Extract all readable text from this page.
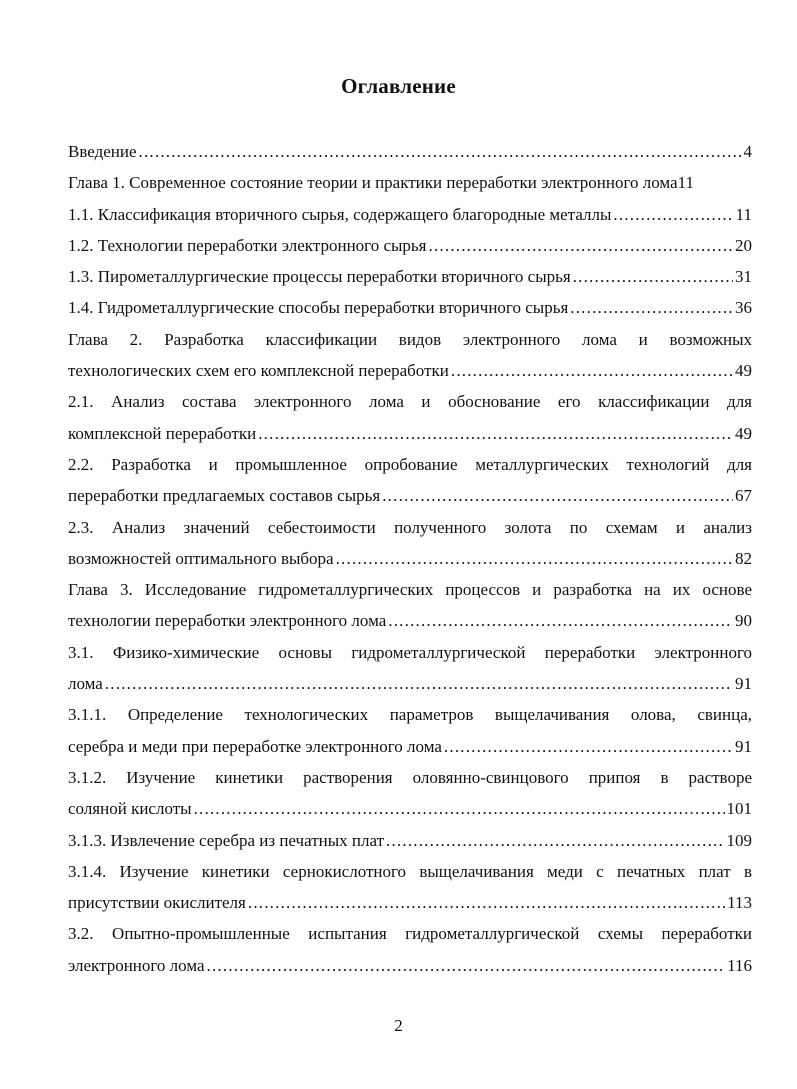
Оглавление
Введение .....	4
Глава 1. Современное состояние теории и практики переработки электронного лома 11
1.1. Классификация вторичного сырья, содержащего благородные металлы .....	11
1.2. Технологии переработки электронного сырья .....	20
1.3. Пирометаллургические процессы переработки вторичного сырья .....	31
1.4. Гидрометаллургические способы переработки вторичного сырья .....	36
Глава 2. Разработка классификации видов электронного лома и возможных
технологических схем его комплексной переработки .....	49
2.1. Анализ состава электронного лома и обоснование его классификации для
комплексной переработки .....	49
2.2. Разработка и промышленное опробование металлургических технологий для
переработки предлагаемых составов сырья .....	67
2.3. Анализ значений себестоимости полученного золота по схемам и анализ
возможностей оптимального выбора .....	82
Глава 3. Исследование гидрометаллургических процессов и разработка на их основе
технологии переработки электронного лома .....	90
3.1. Физико-химические основы гидрометаллургической переработки электронного
лома .....	91
3.1.1. Определение технологических параметров выщелачивания олова, свинца,
серебра и меди при переработке электронного лома .....	91
3.1.2. Изучение кинетики растворения оловянно-свинцового припоя в растворе
соляной кислоты .....	101
3.1.3. Извлечение серебра из печатных плат .....	109
3.1.4. Изучение кинетики сернокислотного выщелачивания меди с печатных плат в
присутствии окислителя .....	113
3.2. Опытно-промышленные испытания гидрометаллургической схемы переработки
электронного лома .....	116
2
